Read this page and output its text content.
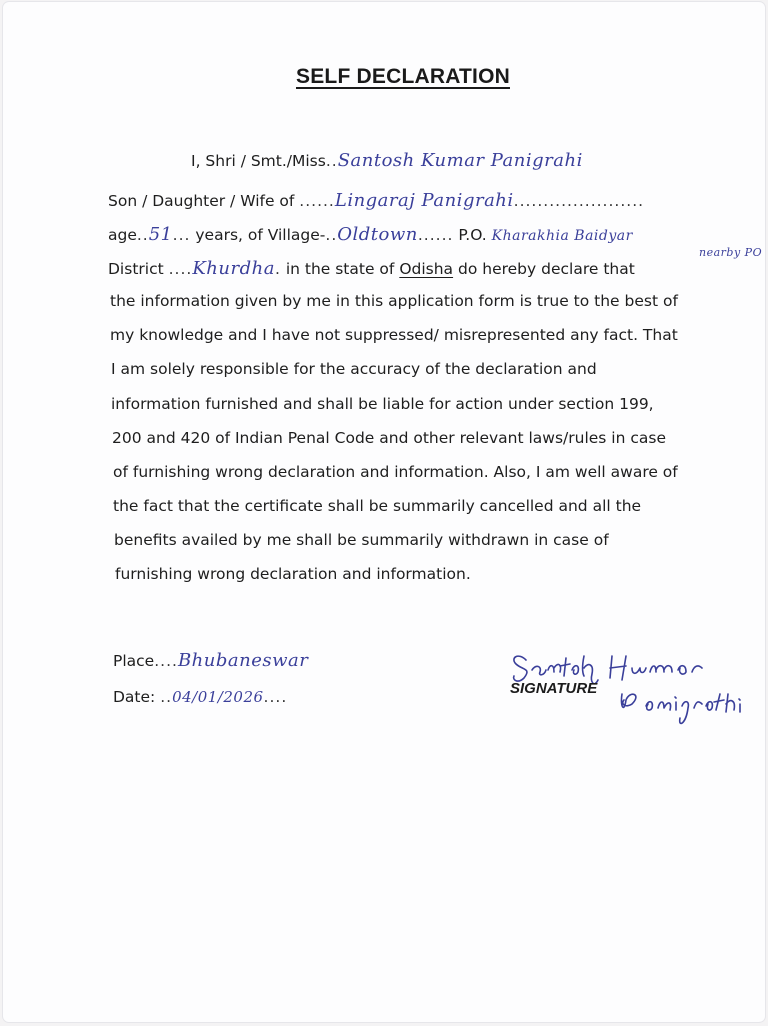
SELF DECLARATION
I, Shri / Smt./Miss..Santosh Kumar Panigrahi
Son / Daughter / Wife of ......Lingaraj Panigrahi......................
age..51... years, of Village-..Oldtown...... P.O. Kharakhia Baidyar
nearby PO
District ....Khurdha. in the state of Odisha do hereby declare that
the information given by me in this application form is true to the best of
my knowledge and I have not suppressed/ misrepresented any fact. That
I am solely responsible for the accuracy of the declaration and
information furnished and shall be liable for action under section 199,
200 and 420 of Indian Penal Code and other relevant laws/rules in case
of furnishing wrong declaration and information. Also, I am well aware of
the fact that the certificate shall be summarily cancelled and all the
benefits availed by me shall be summarily withdrawn in case of
furnishing wrong declaration and information.
Place....Bhubaneswar
Date: ..04/01/2026....	SIGNATURE
